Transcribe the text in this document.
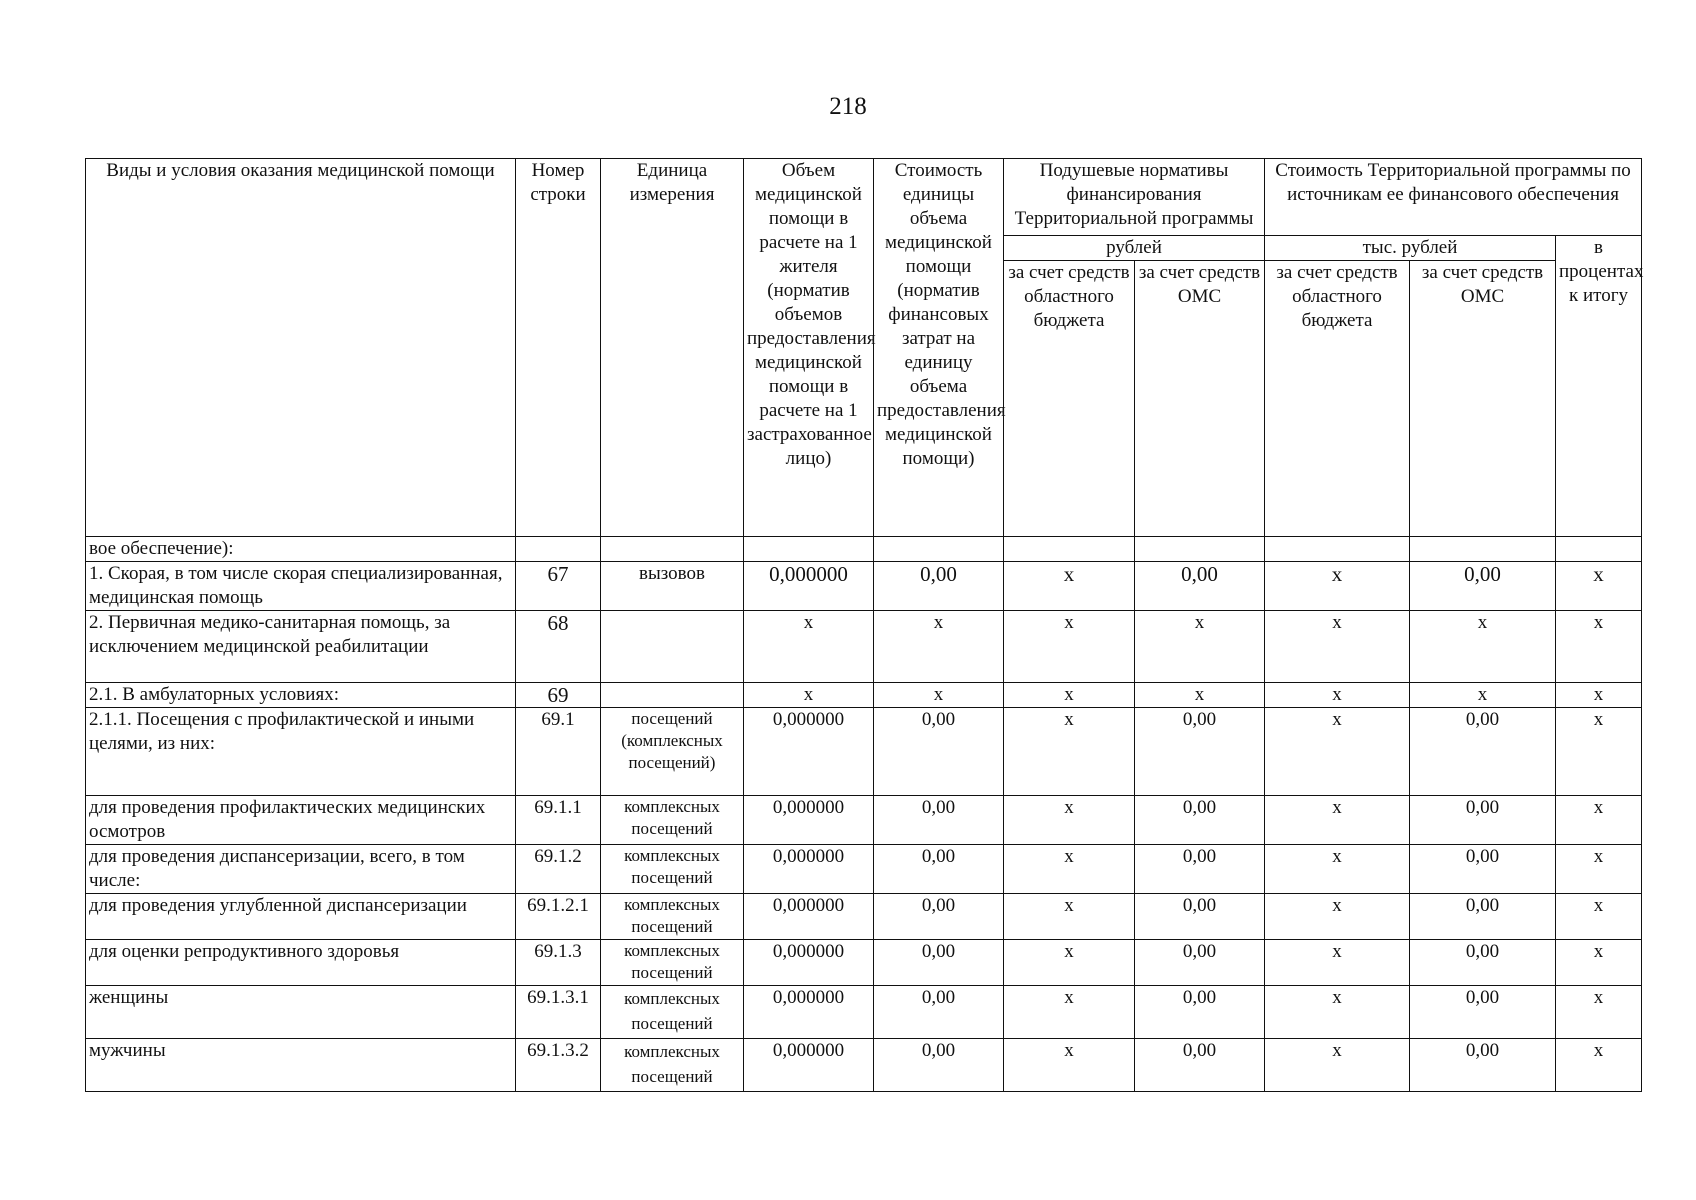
218
Виды и условия оказания медицинской помощи	Номер строки	Единица измерения	Объем медицинской помощи в расчете на 1 жителя (норматив объемов предоставления медицинской помощи в расчете на 1 застрахованное лицо)	Стоимость единицы объема медицинской помощи (норматив финансовых затрат на единицу объема предоставления медицинской помощи)	Подушевые нормативы финансирования Территориальной программы		Стоимость Территориальной программы по источникам ее финансового обеспечения		
					рублей		тыс. рублей		в процентах к итогу
					за счет средств областного бюджета	за счет средств ОМС	за счет средств областного бюджета	за счет средств ОМС	
вое обеспечение):									
1. Скорая, в том числе скорая специализированная, медицинская помощь	67	вызовов	0,000000	0,00	x	0,00	x	0,00	x
2. Первичная медико-санитарная помощь, за исключением медицинской реабилитации	68		x	x	x	x	x	x	x
2.1. В амбулаторных условиях:	69		x	x	x	x	x	x	x
2.1.1. Посещения с профилактической и иными целями, из них:	69.1	посещений (комплексных посещений)	0,000000	0,00	x	0,00	x	0,00	x
для проведения профилактических медицинских осмотров	69.1.1	комплексных посещений	0,000000	0,00	x	0,00	x	0,00	x
для проведения диспансеризации, всего, в том числе:	69.1.2	комплексных посещений	0,000000	0,00	x	0,00	x	0,00	x
для проведения углубленной диспансеризации	69.1.2.1	комплексных посещений	0,000000	0,00	x	0,00	x	0,00	x
для оценки репродуктивного здоровья	69.1.3	комплексных посещений	0,000000	0,00	x	0,00	x	0,00	x
женщины	69.1.3.1	комплексных посещений	0,000000	0,00	x	0,00	x	0,00	x
мужчины	69.1.3.2	комплексных посещений	0,000000	0,00	x	0,00	x	0,00	x
